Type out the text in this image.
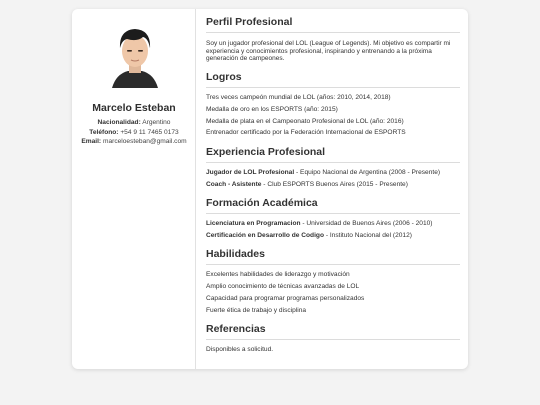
Marcelo Esteban
Nacionalidad: Argentino
Teléfono: +54 9 11 7465 0173
Email: marceloesteban@gmail.com
Perfil Profesional
Soy un jugador profesional del LOL (League of Legends). Mi objetivo es compartir mi experiencia y conocimientos profesional, inspirando y entrenando a la próxima generación de campeones.
Logros
Tres veces campeón mundial de LOL (años: 2010, 2014, 2018)
Medalla de oro en los ESPORTS (año: 2015)
Medalla de plata en el Campeonato Profesional de LOL (año: 2016)
Entrenador certificado por la Federación Internacional de ESPORTS
Experiencia Profesional
Jugador de LOL Profesional - Equipo Nacional de Argentina (2008 - Presente)
Coach - Asistente - Club ESPORTS Buenos Aires (2015 - Presente)
Formación Académica
Licenciatura en Programacion - Universidad de Buenos Aires (2006 - 2010)
Certificación en Desarrollo de Codigo - Instituto Nacional del (2012)
Habilidades
Excelentes habilidades de liderazgo y motivación
Amplio conocimiento de técnicas avanzadas de LOL
Capacidad para programar programas personalizados
Fuerte ética de trabajo y disciplina
Referencias
Disponibles a solicitud.
